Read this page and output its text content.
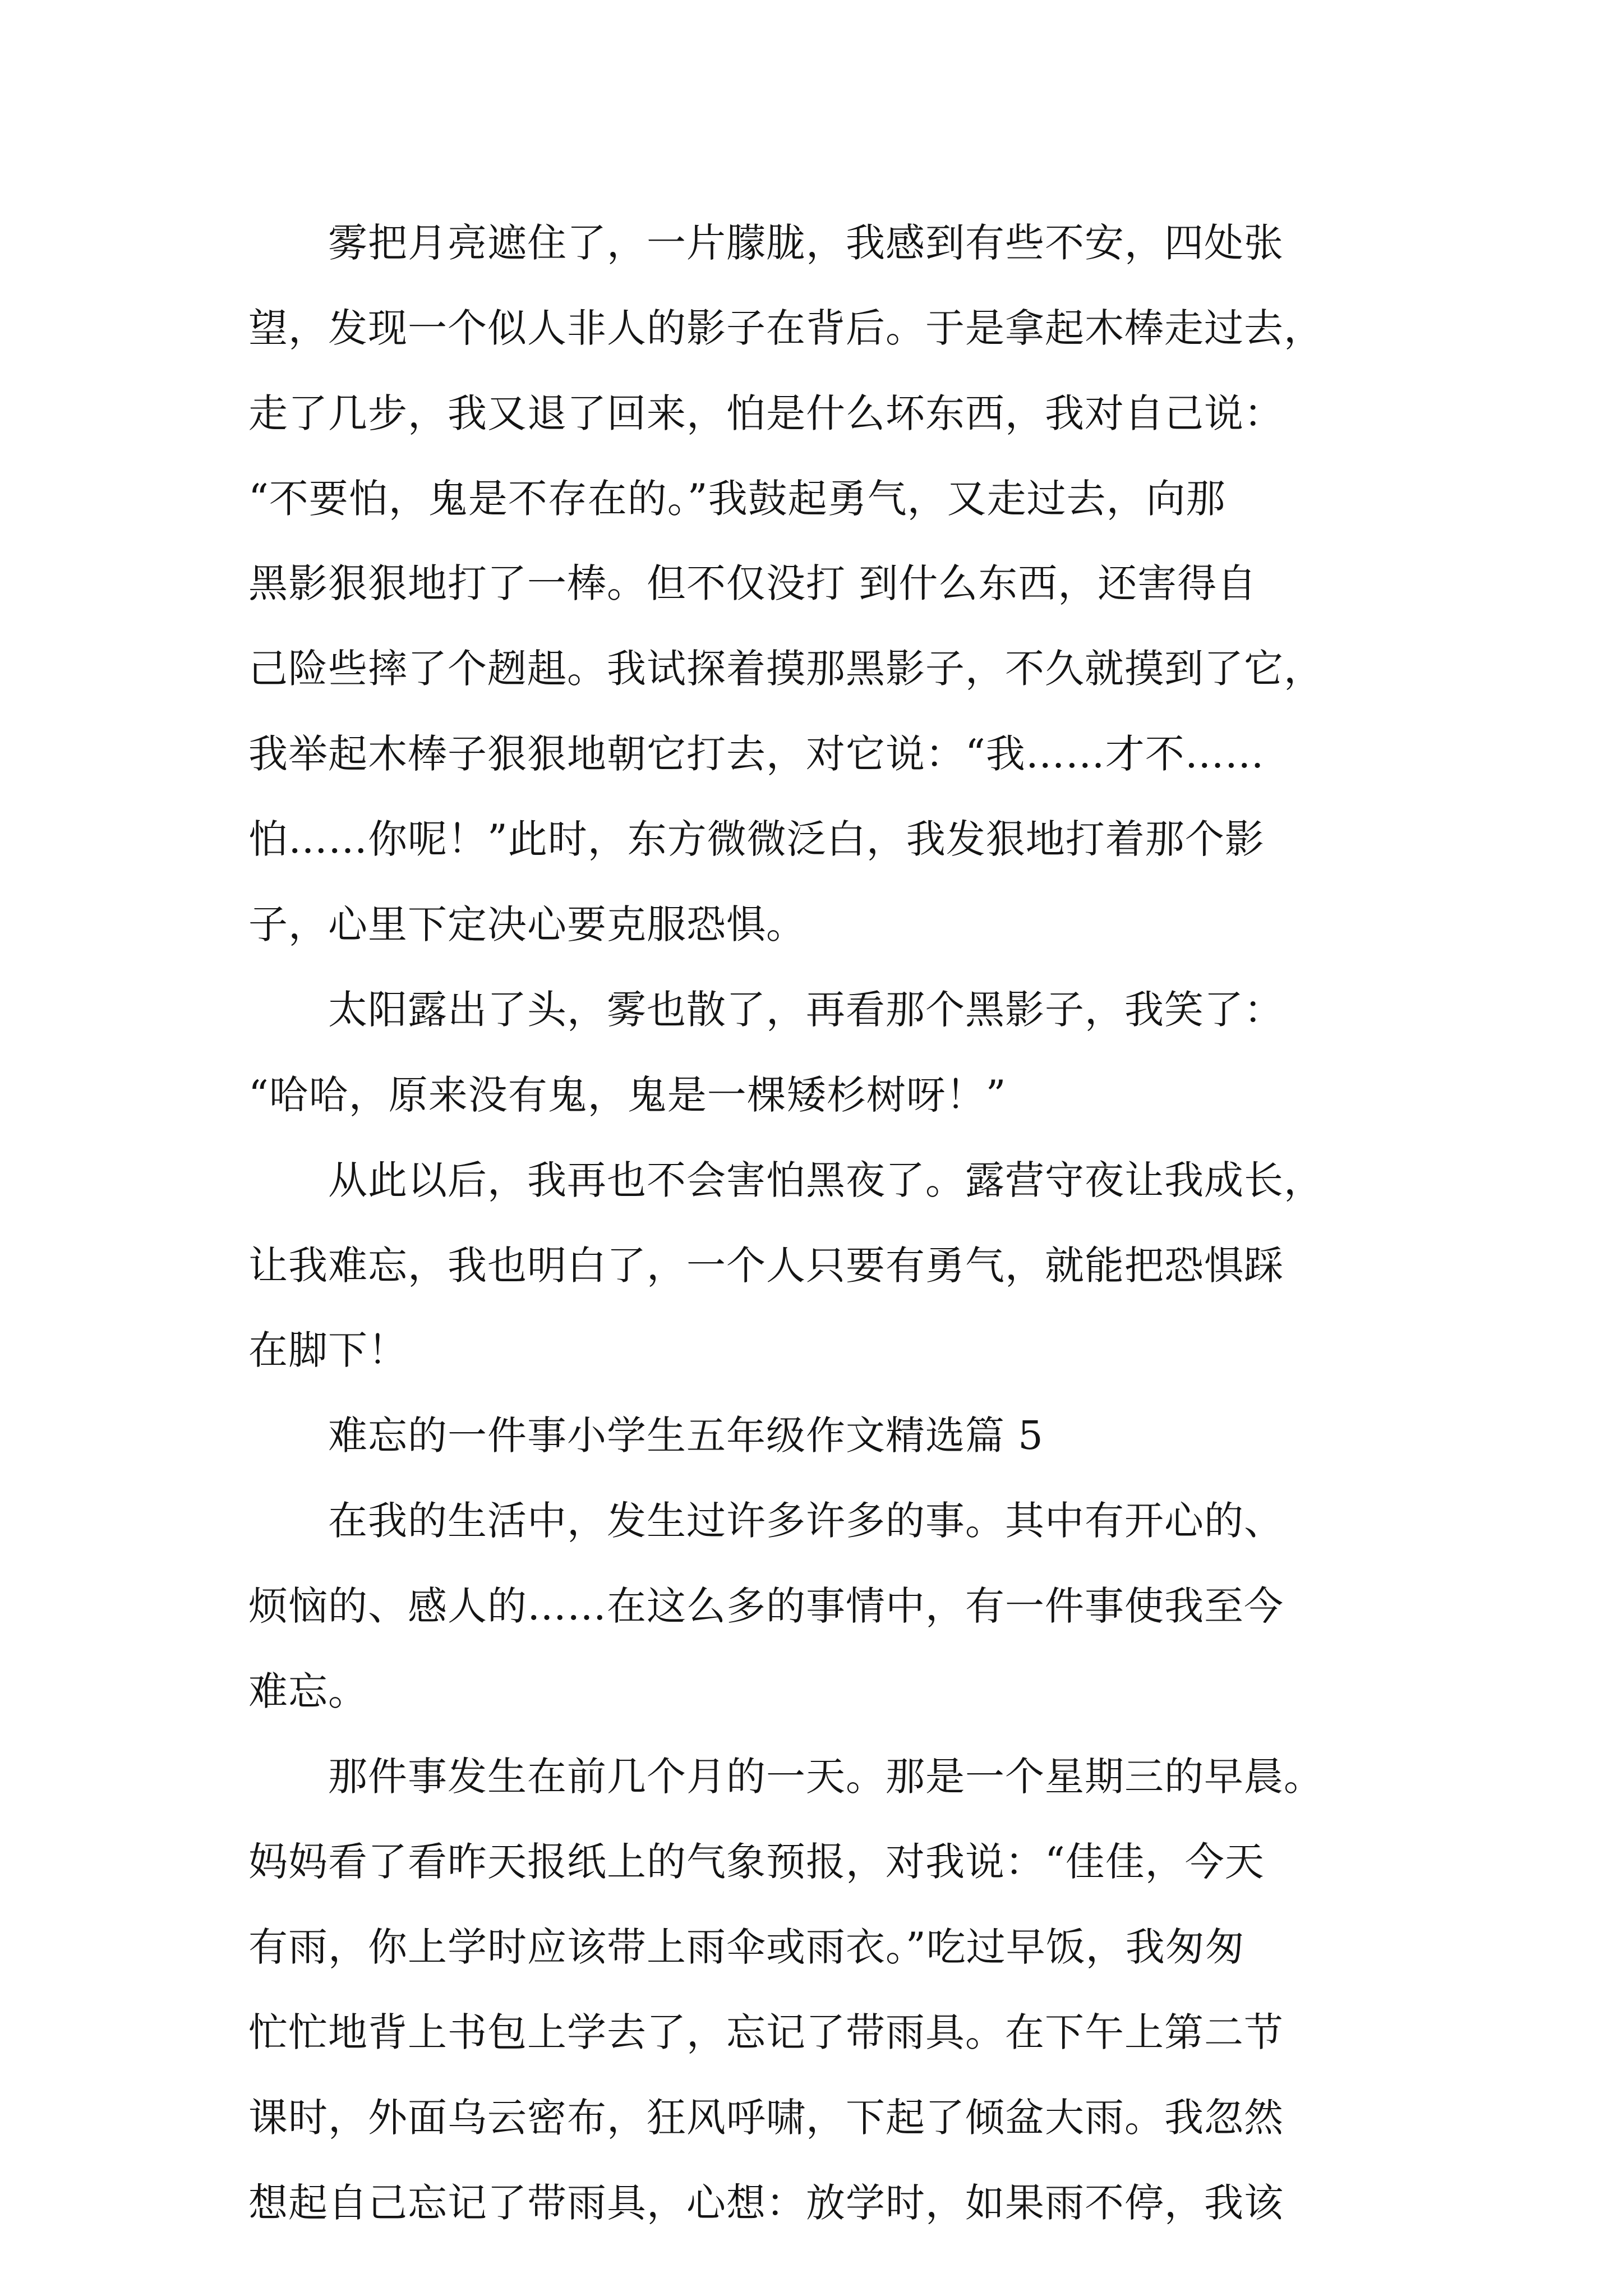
　　雾把月亮遮住了，一片朦胧，我感到有些不安，四处张
望，发现一个似人非人的影子在背后。于是拿起木棒走过去，
走了几步，我又退了回来，怕是什么坏东西，我对自己说：
“不要怕，鬼是不存在的。”我鼓起勇气，又走过去，向那
黑影狠狠地打了一棒。但不仅没打 到什么东西，还害得自
己险些摔了个趔趄。我试探着摸那黑影子，不久就摸到了它，
我举起木棒子狠狠地朝它打去，对它说：“我……才不……
怕……你呢！”此时，东方微微泛白，我发狠地打着那个影
子，心里下定决心要克服恐惧。
　　太阳露出了头，雾也散了，再看那个黑影子，我笑了：
“哈哈，原来没有鬼，鬼是一棵矮杉树呀！”
　　从此以后，我再也不会害怕黑夜了。露营守夜让我成长，
让我难忘，我也明白了，一个人只要有勇气，就能把恐惧踩
在脚下！
　　难忘的一件事小学生五年级作文精选篇 5
　　在我的生活中，发生过许多许多的事。其中有开心的、
烦恼的、感人的……在这么多的事情中，有一件事使我至今
难忘。
　　那件事发生在前几个月的一天。那是一个星期三的早晨。
妈妈看了看昨天报纸上的气象预报，对我说：“佳佳，今天
有雨，你上学时应该带上雨伞或雨衣。”吃过早饭，我匆匆
忙忙地背上书包上学去了，忘记了带雨具。在下午上第二节
课时，外面乌云密布，狂风呼啸，下起了倾盆大雨。我忽然
想起自己忘记了带雨具，心想：放学时，如果雨不停，我该
